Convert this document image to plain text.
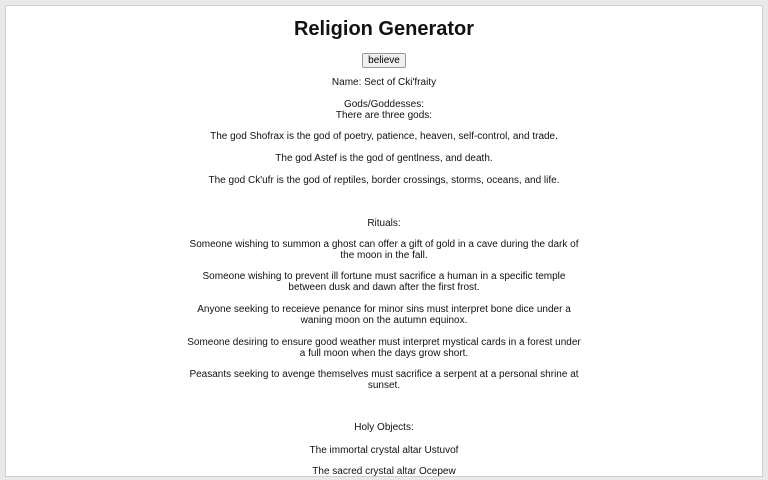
Religion Generator
believe
Name: Sect of Cki'fraity
Gods/Goddesses:
There are three gods:
The god Shofrax is the god of poetry, patience, heaven, self-control, and trade.
The god Astef is the god of gentlness, and death.
The god Ck'ufr is the god of reptiles, border crossings, storms, oceans, and life.
Rituals:
Someone wishing to summon a ghost can offer a gift of gold in a cave during the dark of the moon in the fall.
Someone wishing to prevent ill fortune must sacrifice a human in a specific temple between dusk and dawn after the first frost.
Anyone seeking to receieve penance for minor sins must interpret bone dice under a waning moon on the autumn equinox.
Someone desiring to ensure good weather must interpret mystical cards in a forest under a full moon when the days grow short.
Peasants seeking to avenge themselves must sacrifice a serpent at a personal shrine at sunset.
Holy Objects:
The immortal crystal altar Ustuvof
The sacred crystal altar Ocepew
